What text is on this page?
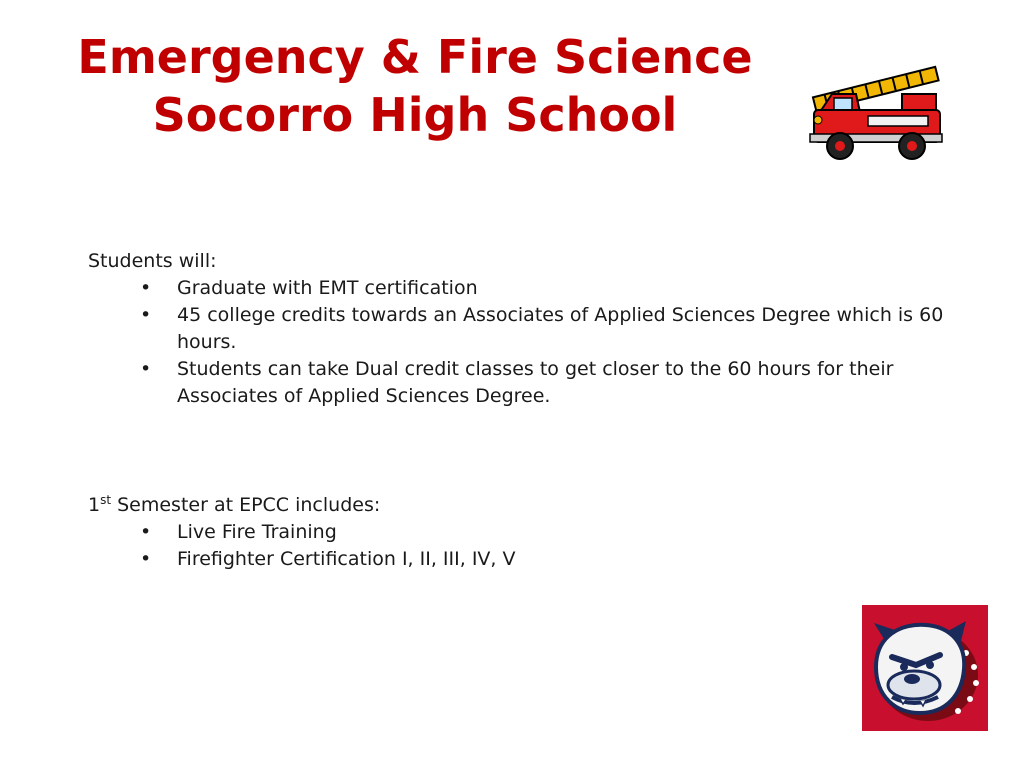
Emergency & Fire Science
Socorro High School
Students will:
• Graduate with EMT certification
• 45 college credits towards an Associates of Applied Sciences Degree which is 60 hours.
• Students can take Dual credit classes to get closer to the 60 hours for their Associates of Applied Sciences Degree.
1st Semester at EPCC includes:
• Live Fire Training
• Firefighter Certification I, II, III, IV, V
